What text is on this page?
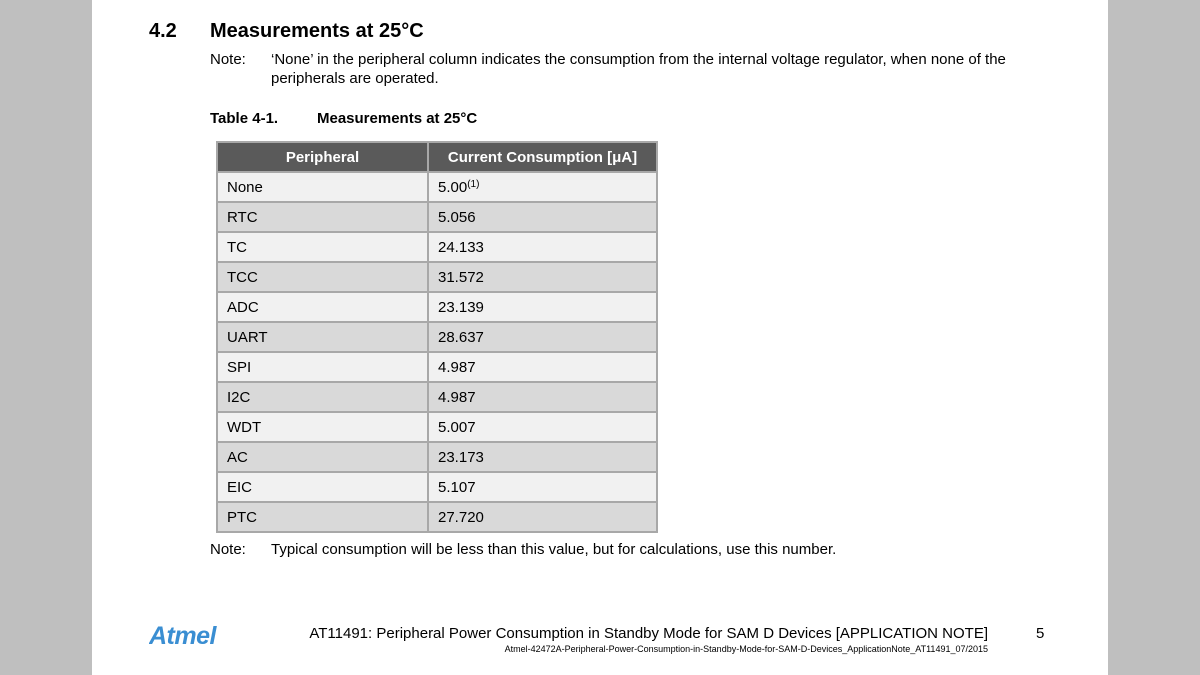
4.2 Measurements at 25°C
Note: ‘None’ in the peripheral column indicates the consumption from the internal voltage regulator, when none of the
peripherals are operated.
Table 4-1.	Measurements at 25°C
Peripheral	Current Consumption [μA]
None	5.00$^{(1)}$
RTC	5.056
TC	24.133
TCC	31.572
ADC	23.139
UART	28.637
SPI	4.987
I2C	4.987
WDT	5.007
AC	23.173
EIC	5.107
PTC	27.720
Note: Typical consumption will be less than this value, but for calculations, use this number.
Atmel	AT11491: Peripheral Power Consumption in Standby Mode for SAM D Devices [APPLICATION NOTE]
Atmel-42472A-Peripheral-Power-Consumption-in-Standby-Mode-for-SAM-D-Devices_ApplicationNote_AT11491_07/2015
5
